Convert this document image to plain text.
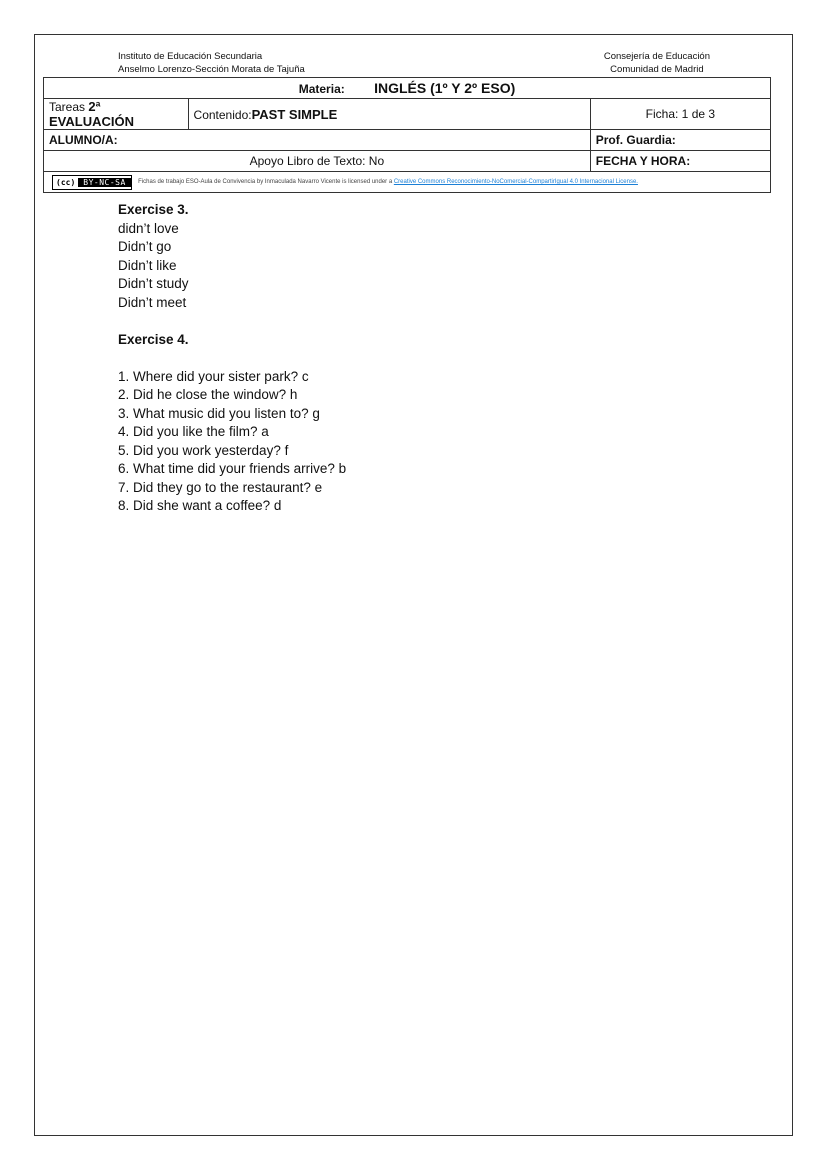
Instituto de Educación Secundaria
Anselmo Lorenzo-Sección Morata de Tajuña
Consejería de Educación
Comunidad de Madrid
Materia: INGLÉS (1º Y 2º ESO)		
Tareas 2ª EVALUACIÓN	Contenido:PAST SIMPLE	Ficha: 1 de 3
ALUMNO/A:		Prof. Guardia:
Apoyo Libro de Texto: No		FECHA Y HORA:

(cc) BY-NC-SA Fichas de trabajo ESO-Aula de Convivencia by Inmaculada Navarro Vicente is licensed under a Creative Commons Reconocimiento-NoComercial-CompartirIgual 4.0 Internacional License.		
Exercise 3.
didn’t love
Didn’t go
Didn’t like
Didn’t study
Didn’t meet
Exercise 4.
1. Where did your sister park? c
2. Did he close the window? h
3. What music did you listen to? g
4. Did you like the film? a
5. Did you work yesterday? f
6. What time did your friends arrive? b
7. Did they go to the restaurant? e
8. Did she want a coffee? d
